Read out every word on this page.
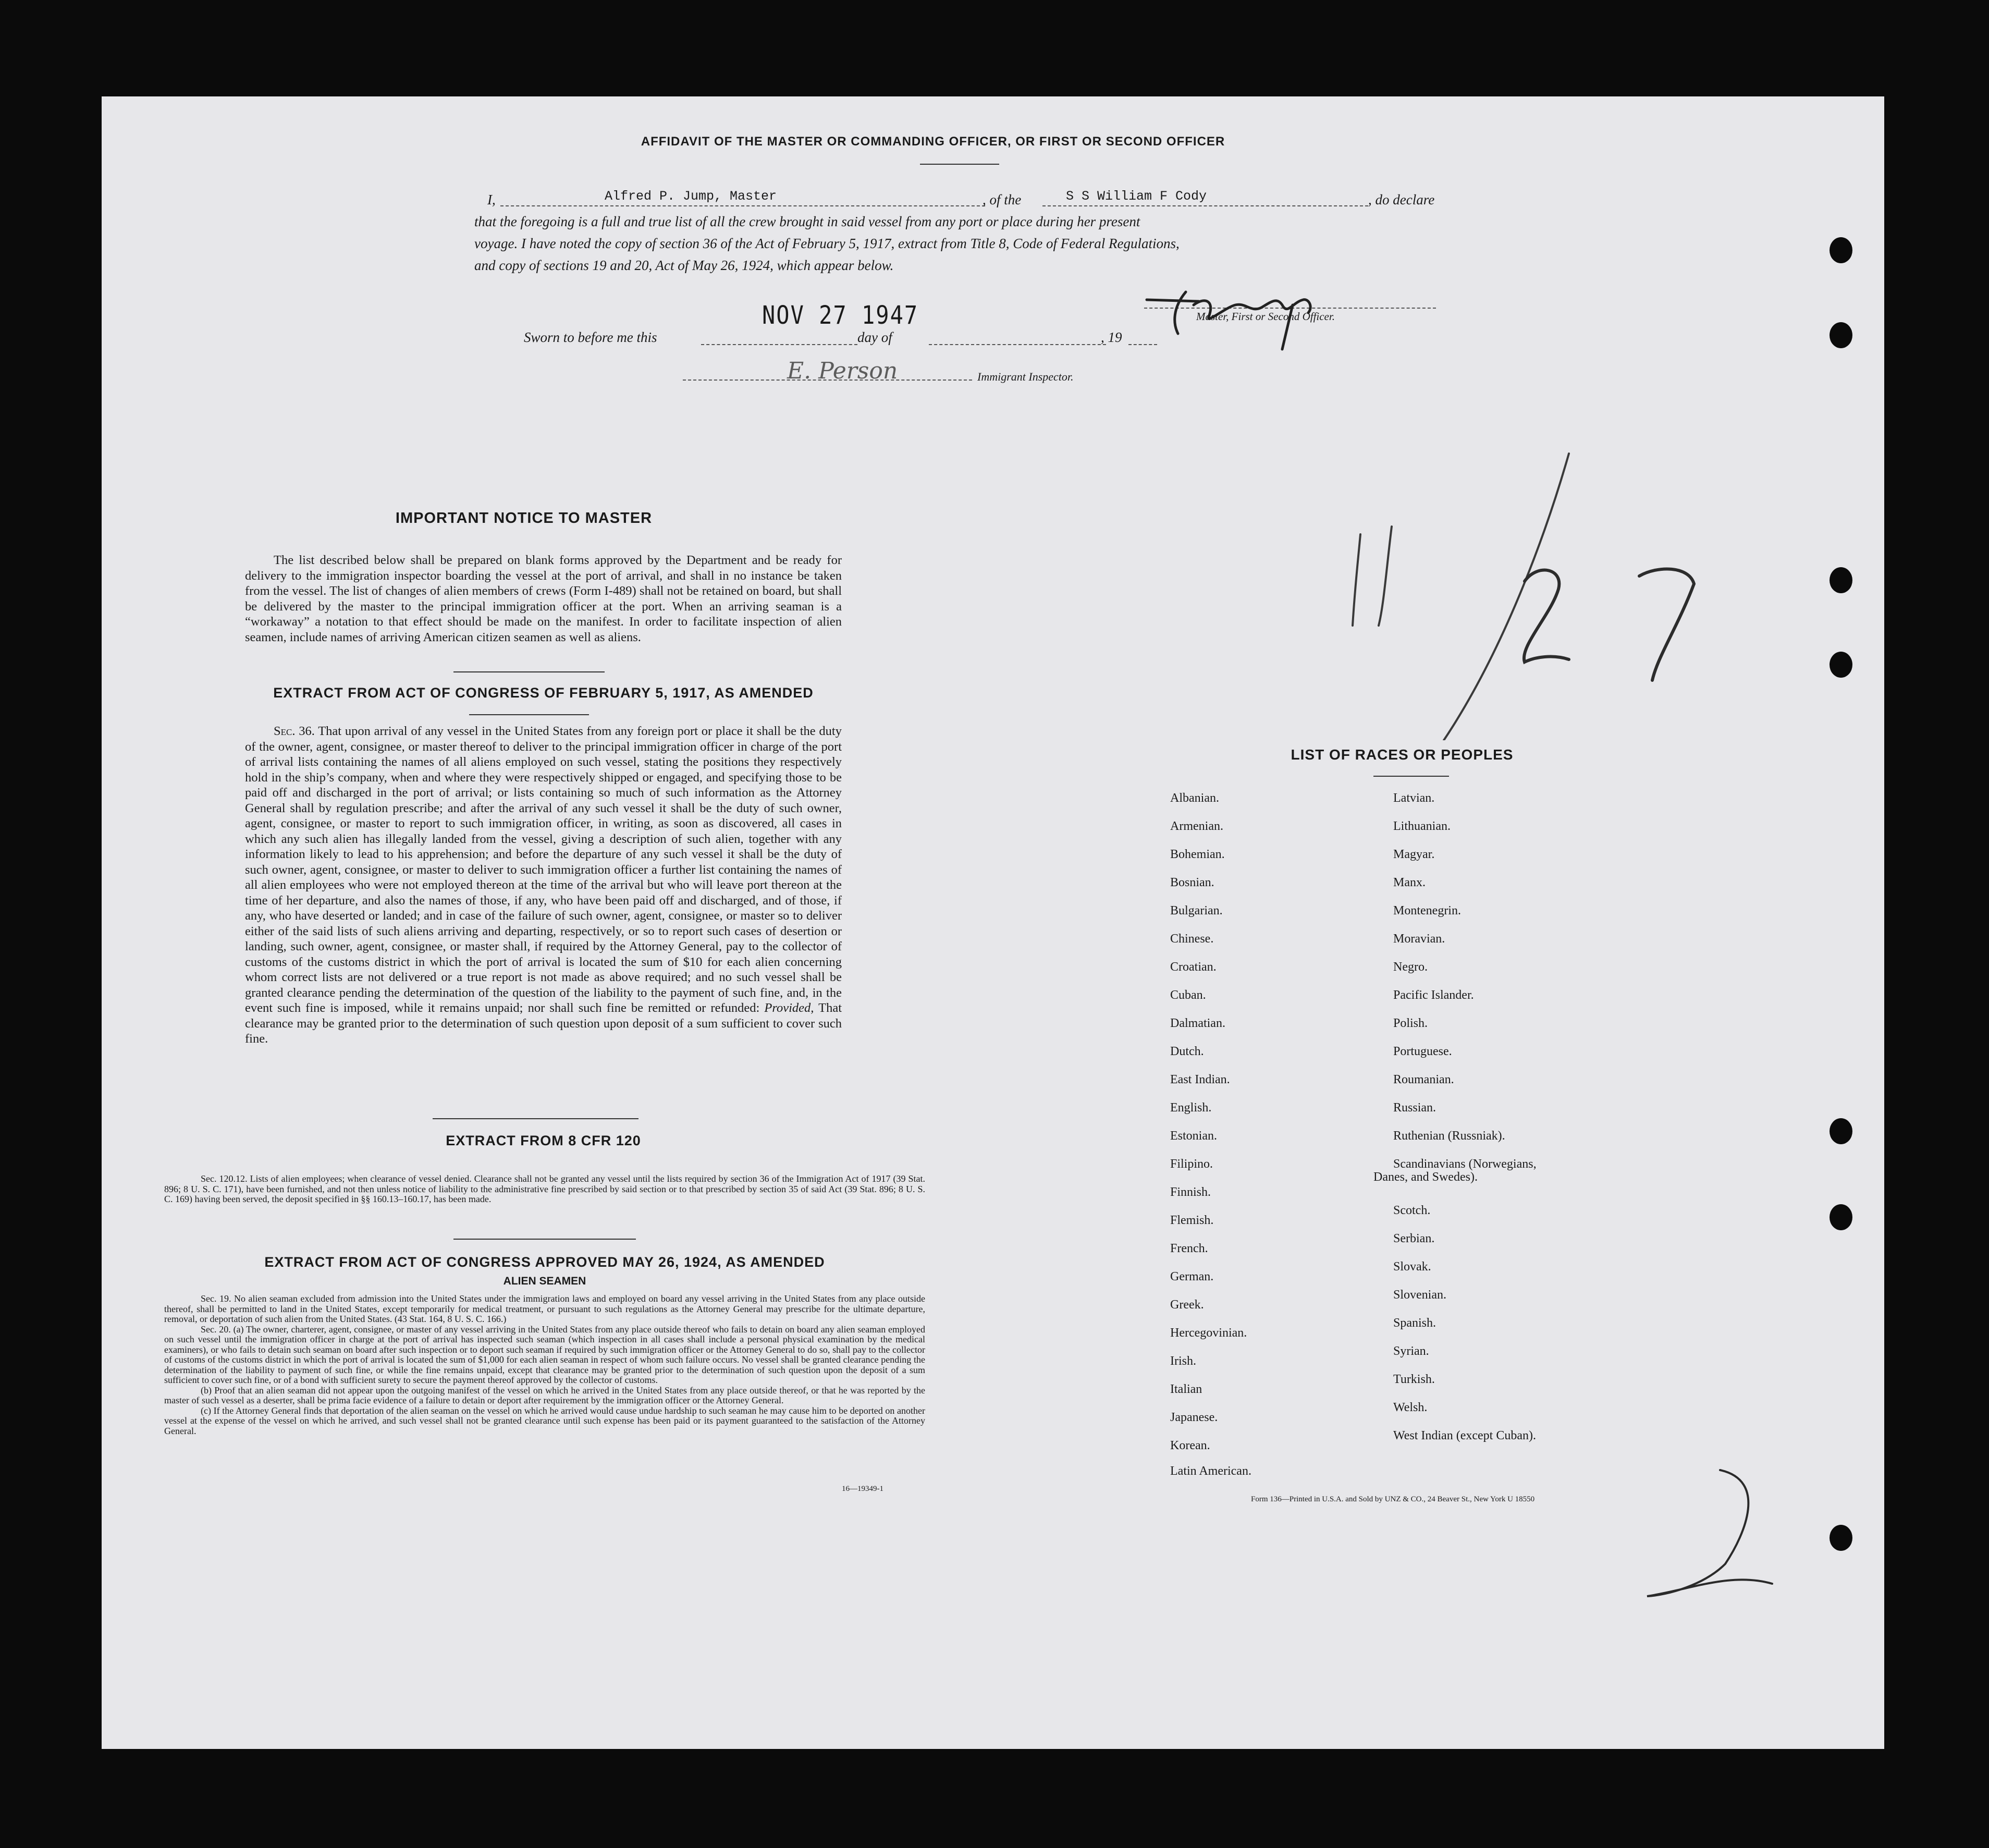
AFFIDAVIT OF THE MASTER OR COMMANDING OFFICER, OR FIRST OR SECOND OFFICER
I,	Alfred P. Jump, Master	, of the	S S William F Cody	, do declare
that the foregoing is a full and true list of all the crew brought in said vessel from any port or place during her present
voyage. I have noted the copy of section 36 of the Act of February 5, 1917, extract from Title 8, Code of Federal Regulations,
and copy of sections 19 and 20, Act of May 26, 1924, which appear below.
Master, First or Second Officer.
Sworn to before me this
NOV 27 1947
day of	, 19
E. Person	Immigrant Inspector.
IMPORTANT NOTICE TO MASTER
The list described below shall be prepared on blank forms approved by the Department and be ready for delivery to the immigration inspector boarding the vessel at the port of arrival, and shall in no instance be taken from the vessel. The list of changes of alien members of crews (Form I-489) shall not be retained on board, but shall be delivered by the master to the principal immigration officer at the port. When an arriving seaman is a “workaway” a notation to that effect should be made on the manifest. In order to facilitate inspection of alien seamen, include names of arriving American citizen seamen as well as aliens.
EXTRACT FROM ACT OF CONGRESS OF FEBRUARY 5, 1917, AS AMENDED
Sec. 36. That upon arrival of any vessel in the United States from any foreign port or place it shall be the duty of the owner, agent, consignee, or master thereof to deliver to the principal immigration officer in charge of the port of arrival lists containing the names of all aliens employed on such vessel, stating the positions they respectively hold in the ship’s company, when and where they were respectively shipped or engaged, and specifying those to be paid off and discharged in the port of arrival; or lists containing so much of such information as the Attorney General shall by regulation prescribe; and after the arrival of any such vessel it shall be the duty of such owner, agent, consignee, or master to report to such immigration officer, in writing, as soon as discovered, all cases in which any such alien has illegally landed from the vessel, giving a description of such alien, together with any information likely to lead to his apprehension; and before the departure of any such vessel it shall be the duty of such owner, agent, consignee, or master to deliver to such immigration officer a further list containing the names of all alien employees who were not employed thereon at the time of the arrival but who will leave port thereon at the time of her departure, and also the names of those, if any, who have been paid off and discharged, and of those, if any, who have deserted or landed; and in case of the failure of such owner, agent, consignee, or master so to deliver either of the said lists of such aliens arriving and departing, respectively, or so to report such cases of desertion or landing, such owner, agent, consignee, or master shall, if required by the Attorney General, pay to the collector of customs of the customs district in which the port of arrival is located the sum of $10 for each alien concerning whom correct lists are not delivered or a true report is not made as above required; and no such vessel shall be granted clearance pending the determination of the question of the liability to the payment of such fine, and, in the event such fine is imposed, while it remains unpaid; nor shall such fine be remitted or refunded: Provided, That clearance may be granted prior to the determination of such question upon deposit of a sum sufficient to cover such fine.
EXTRACT FROM 8 CFR 120
Sec. 120.12. Lists of alien employees; when clearance of vessel denied. Clearance shall not be granted any vessel until the lists required by section 36 of the Immigration Act of 1917 (39 Stat. 896; 8 U. S. C. 171), have been furnished, and not then unless notice of liability to the administrative fine prescribed by said section or to that prescribed by section 35 of said Act (39 Stat. 896; 8 U. S. C. 169) having been served, the deposit specified in §§ 160.13–160.17, has been made.
EXTRACT FROM ACT OF CONGRESS APPROVED MAY 26, 1924, AS AMENDED
ALIEN SEAMEN
Sec. 19. No alien seaman excluded from admission into the United States under the immigration laws and employed on board any vessel arriving in the United States from any place outside thereof, shall be permitted to land in the United States, except temporarily for medical treatment, or pursuant to such regulations as the Attorney General may prescribe for the ultimate departure, removal, or deportation of such alien from the United States. (43 Stat. 164, 8 U. S. C. 166.)
Sec. 20. (a) The owner, charterer, agent, consignee, or master of any vessel arriving in the United States from any place outside thereof who fails to detain on board any alien seaman employed on such vessel until the immigration officer in charge at the port of arrival has inspected such seaman (which inspection in all cases shall include a personal physical examination by the medical examiners), or who fails to detain such seaman on board after such inspection or to deport such seaman if required by such immigration officer or the Attorney General to do so, shall pay to the collector of customs of the customs district in which the port of arrival is located the sum of $1,000 for each alien seaman in respect of whom such failure occurs. No vessel shall be granted clearance pending the determination of the liability to payment of such fine, or while the fine remains unpaid, except that clearance may be granted prior to the determination of such question upon the deposit of a sum sufficient to cover such fine, or of a bond with sufficient surety to secure the payment thereof approved by the collector of customs.
(b) Proof that an alien seaman did not appear upon the outgoing manifest of the vessel on which he arrived in the United States from any place outside thereof, or that he was reported by the master of such vessel as a deserter, shall be prima facie evidence of a failure to detain or deport after requirement by the immigration officer or the Attorney General.
(c) If the Attorney General finds that deportation of the alien seaman on the vessel on which he arrived would cause undue hardship to such seaman he may cause him to be deported on another vessel at the expense of the vessel on which he arrived, and such vessel shall not be granted clearance until such expense has been paid or its payment guaranteed to the satisfaction of the Attorney General.
16—19349-1
LIST OF RACES OR PEOPLES
Albanian.
Armenian.
Bohemian.
Bosnian.
Bulgarian.
Chinese.
Croatian.
Cuban.
Dalmatian.
Dutch.
East Indian.
English.
Estonian.
Filipino.
Finnish.
Flemish.
French.
German.
Greek.
Hercegovinian.
Irish.
Italian
Japanese.
Korean.
Latin American.
Latvian.
Lithuanian.
Magyar.
Manx.
Montenegrin.
Moravian.
Negro.
Pacific Islander.
Polish.
Portuguese.
Roumanian.
Russian.
Ruthenian (Russniak).
Scandinavians (Norwegians,
Danes, and Swedes).
Scotch.
Serbian.
Slovak.
Slovenian.
Spanish.
Syrian.
Turkish.
Welsh.
West Indian (except Cuban).
Form 136—Printed in U.S.A. and Sold by UNZ & CO., 24 Beaver St., New York U 18550
